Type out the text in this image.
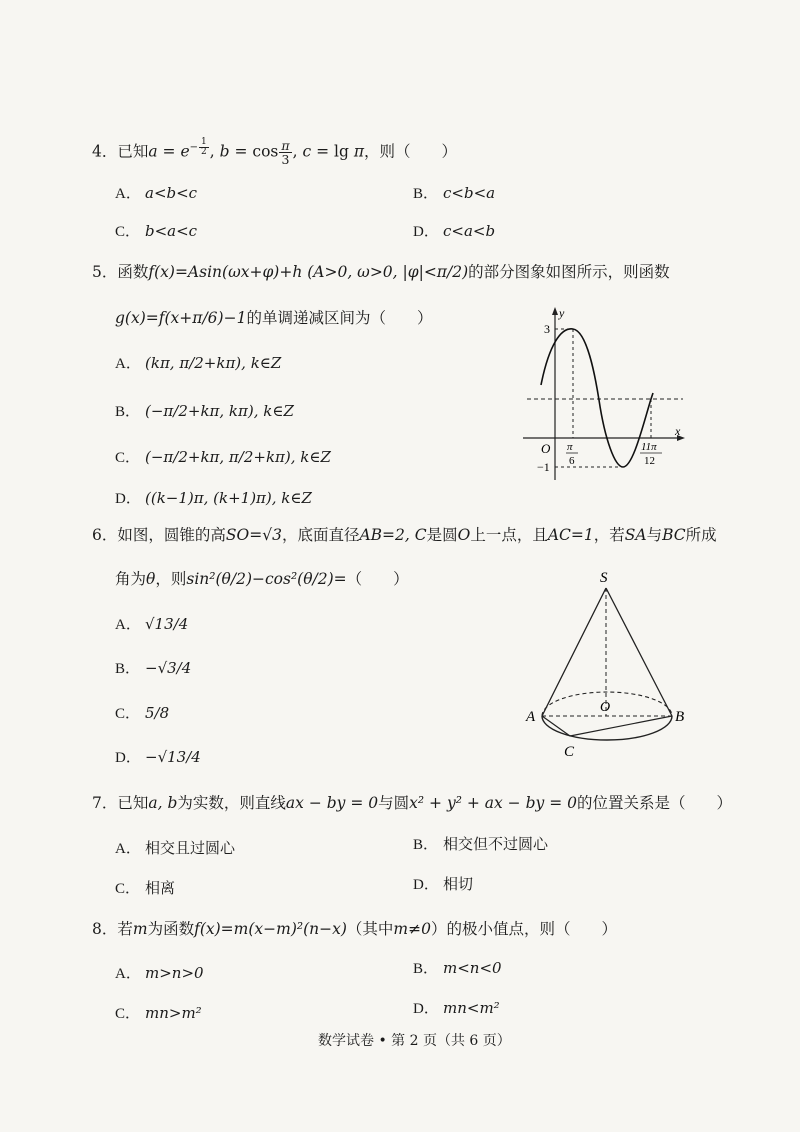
4．已知$a = e^{- \frac{1}{2}}$ , $b = \cos \frac{\pi}{3}$ , c = lg π，则（　　）
A． a<b<c	B． c<b<a
C． b<a<c	D． c<a<b
5．函数f(x)=Asin(ωx+φ)+h (A>0, ω>0, |φ|<π/2)的部分图象如图所示，则函数
g(x)=f(x+π/6)−1的单调递减区间为（　　）
A． (kπ, π/2+kπ), k∈Z
B． (−π/2+kπ, kπ), k∈Z
C． (−π/2+kπ, π/2+kπ), k∈Z
D． ((k−1)π, (k+1)π), k∈Z
y
x
O
3
−1
π
6
11π
12
6．如图，圆锥的高SO=√3，底面直径AB=2, C是圆O上一点，且AC=1，若SA与BC所成
角为θ，则sin²(θ/2)−cos²(θ/2)=（　　）
A． √13/4
B． −√3/4
C． 5/8
D． −√13/4
S
A	B
O
C
7．已知a, b为实数，则直线ax − by = 0与圆x² + y² + ax − by = 0的位置关系是（　　）
A． 相交且过圆心	B． 相交但不过圆心
C． 相离	D． 相切
8．若m为函数f(x)=m(x−m)²(n−x)（其中m≠0）的极小值点，则（　　）
A． m>n>0	B． m<n<0
C． mn>m²	D． mn<m²
数学试卷 • 第 2 页（共 6 页）
